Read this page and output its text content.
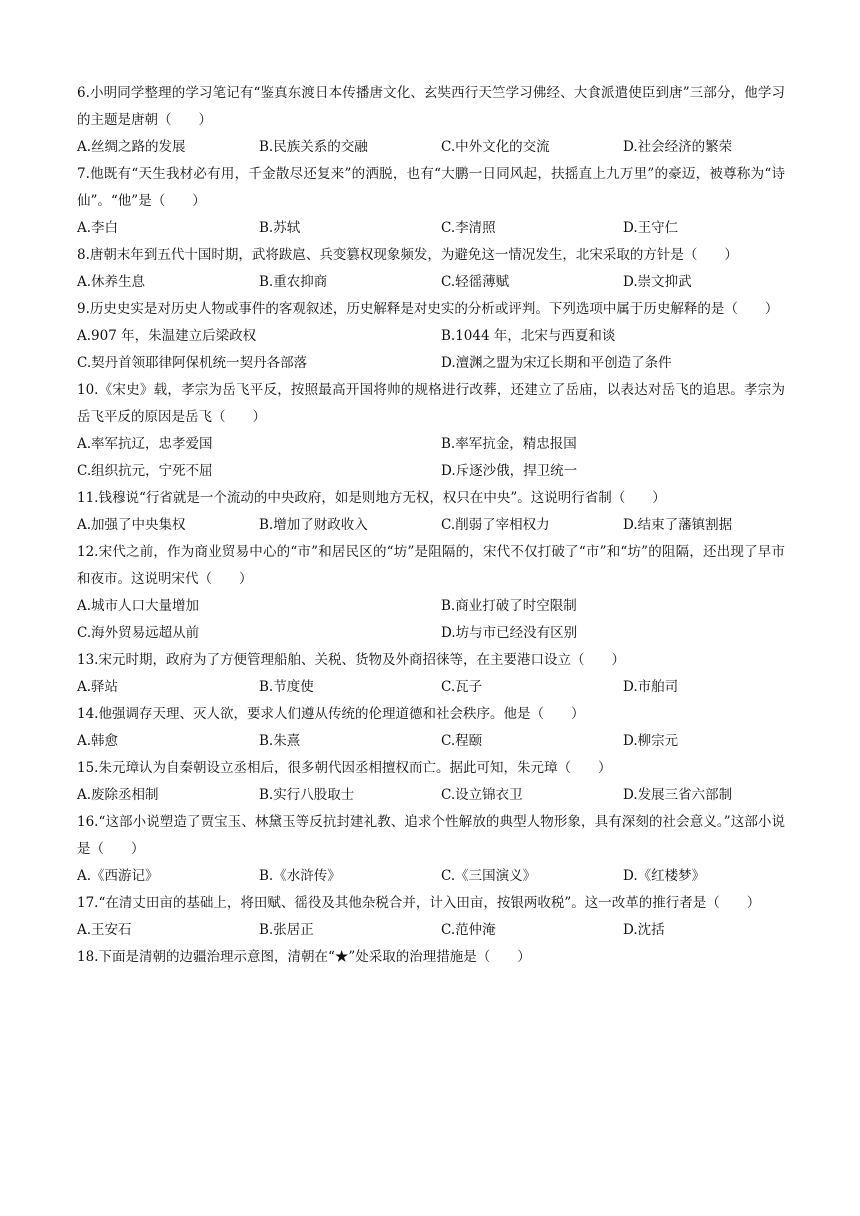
6.小明同学整理的学习笔记有“鉴真东渡日本传播唐文化、玄奘西行天竺学习佛经、大食派遣使臣到唐”三部分，他学习的主题是唐朝（　　）
A.丝绸之路的发展	B.民族关系的交融	C.中外文化的交流	D.社会经济的繁荣
7.他既有“天生我材必有用，千金散尽还复来”的洒脱，也有“大鹏一日同风起，扶摇直上九万里”的豪迈，被尊称为“诗仙”。“他”是（　　）
A.李白	B.苏轼	C.李清照	D.王守仁
8.唐朝末年到五代十国时期，武将跋扈、兵变篡权现象频发，为避免这一情况发生，北宋采取的方针是（　　）
A.休养生息	B.重农抑商	C.轻徭薄赋	D.崇文抑武
9.历史史实是对历史人物或事件的客观叙述，历史解释是对史实的分析或评判。下列选项中属于历史解释的是（　　）
A.907 年，朱温建立后梁政权	B.1044 年，北宋与西夏和谈
C.契丹首领耶律阿保机统一契丹各部落	D.澶渊之盟为宋辽长期和平创造了条件
10.《宋史》载，孝宗为岳飞平反，按照最高开国将帅的规格进行改葬，还建立了岳庙，以表达对岳飞的追思。孝宗为岳飞平反的原因是岳飞（　　）
A.率军抗辽，忠孝爱国	B.率军抗金，精忠报国
C.组织抗元，宁死不屈	D.斥逐沙俄，捍卫统一
11.钱穆说“行省就是一个流动的中央政府，如是则地方无权，权只在中央”。这说明行省制（　　）
A.加强了中央集权	B.增加了财政收入	C.削弱了宰相权力	D.结束了藩镇割据
12.宋代之前，作为商业贸易中心的“市”和居民区的“坊”是阻隔的，宋代不仅打破了“市”和“坊”的阻隔，还出现了早市和夜市。这说明宋代（　　）
A.城市人口大量增加	B.商业打破了时空限制
C.海外贸易远超从前	D.坊与市已经没有区别
13.宋元时期，政府为了方便管理船舶、关税、货物及外商招徕等，在主要港口设立（　　）
A.驿站	B.节度使	C.瓦子	D.市舶司
14.他强调存天理、灭人欲，要求人们遵从传统的伦理道德和社会秩序。他是（　　）
A.韩愈	B.朱熹	C.程颐	D.柳宗元
15.朱元璋认为自秦朝设立丞相后，很多朝代因丞相擅权而亡。据此可知，朱元璋（　　）
A.废除丞相制	B.实行八股取士	C.设立锦衣卫	D.发展三省六部制
16.“这部小说塑造了贾宝玉、林黛玉等反抗封建礼教、追求个性解放的典型人物形象，具有深刻的社会意义。”这部小说是（　　）
A.《西游记》	B.《水浒传》	C.《三国演义》	D.《红楼梦》
17.“在清丈田亩的基础上，将田赋、徭役及其他杂税合并，计入田亩，按银两收税”。这一改革的推行者是（　　）
A.王安石	B.张居正	C.范仲淹	D.沈括
18.下面是清朝的边疆治理示意图，清朝在“★”处采取的治理措施是（　　）
